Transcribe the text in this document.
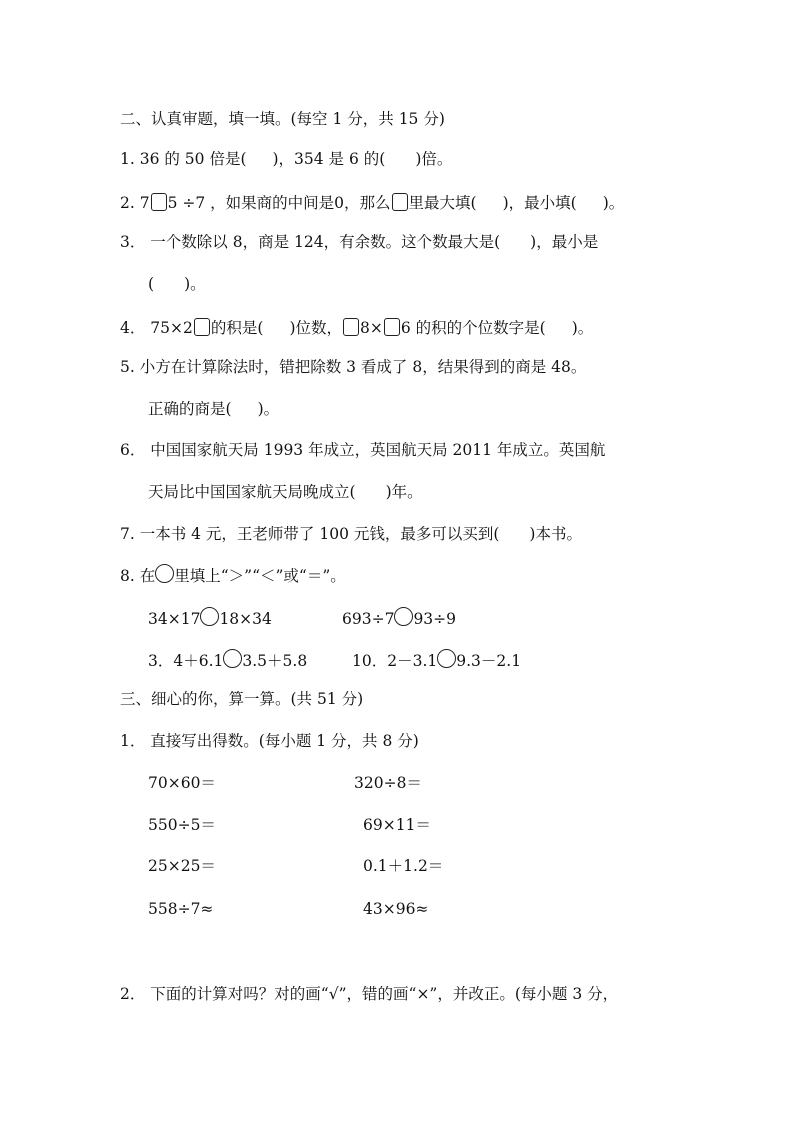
二、认真审题，填一填。(每空 1 分，共 15 分)
1. 36 的 50 倍是( )，354 是 6 的( )倍。
2. 7 5 ÷7 ，如果商的中间是0，那么 里最大填( )，最小填( )。
3． 一个数除以 8，商是 124，有余数。这个数最大是( )，最小是
( )。
4． 75×2 的积是( )位数， 8× 6 的积的个位数字是( )。
5. 小方在计算除法时，错把除数 3 看成了 8，结果得到的商是 48。
正确的商是( )。
6． 中国国家航天局 1993 年成立，英国航天局 2011 年成立。英国航
天局比中国国家航天局晚成立( )年。
7. 一本书 4 元，王老师带了 100 元钱，最多可以买到( )本书。
8. 在 里填上“＞”“＜”或“＝”。
34×17 18×34	693÷7 93÷9
3．4＋6.1 3.5＋5.8	10．2－3.1 9.3－2.1
三、细心的你，算一算。(共 51 分)
1． 直接写出得数。(每小题 1 分，共 8 分)
70×60＝	320÷8＝
550÷5＝	69×11＝
25×25＝	0.1＋1.2＝
558÷7≈	43×96≈
2． 下面的计算对吗？对的画“√”，错的画“×”，并改正。(每小题 3 分，
